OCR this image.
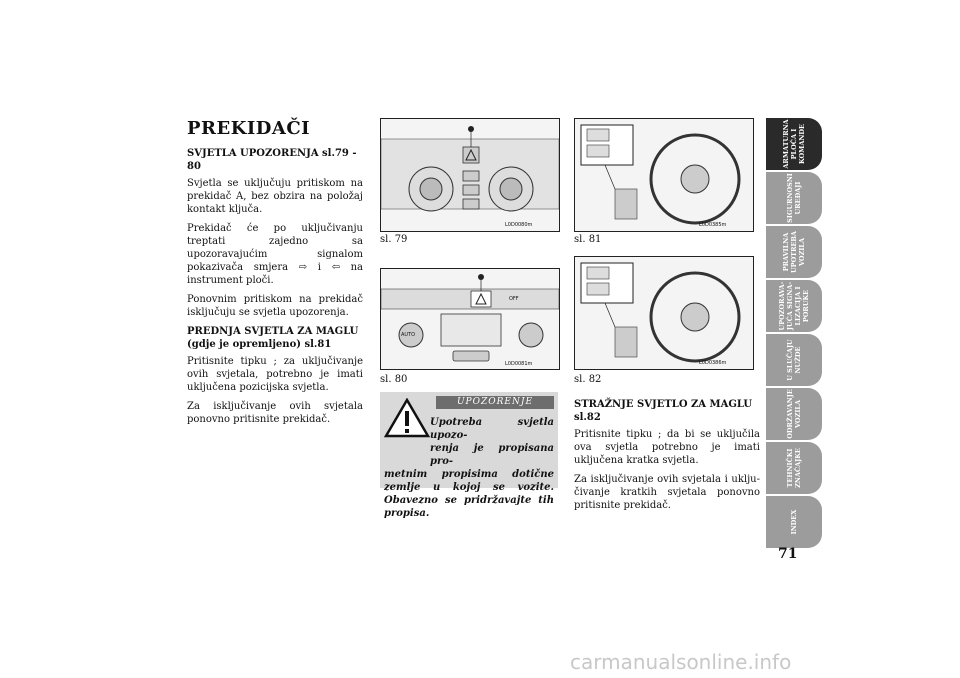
PREKIDAČI
SVJETLA UPOZORENJA sl.79 - 80

Svjetla se uključuju pritiskom na prekidač A, bez obzira na položaj kontakt ključa.

Prekidač će po uključivanju treptati zajedno sa upozoravajućim signalom pokazivača smjera ⇨ i ⇦ na instrument ploči.

Ponovnim pritiskom na prekidač isključuju se svjetla upozorenja.

PREDNJA SVJETLA ZA MAGLU (gdje je opremljeno) sl.81

Pritisnite tipku ; za uključivanje ovih svjetala, potrebno je imati uključena pozicijska svjetla.

Za isključivanje ovih svjetala ponovno pritisnite prekidač.

L0D0080m
sl. 79
OFF
AUTO
L0D0081m
sl. 80
L0D0385m
sl. 81
L0D0386m
sl. 82
UPOZORENJE
Upotreba svjetla upozo-
renja je propisana pro-
metnim propisima dotične zemlje u kojoj se vozite. Obavezno se pridržavajte tih propisa.
STRAŽNJE SVJETLO ZA MAGLU sl.82

Pritisnite tipku ; da bi se uključila ova svjetla potrebno je imati uključena kratka svjetla.

Za isključivanje ovih svjetala i uklju-čivanje kratkih svjetala ponovno pritisnite prekidač.

ARMATURNA PLOČA I KOMANDE
SIGURNOSNI UREĐAJI
PRAVILNA UPOTREBA VOZILA
UPOZORAVA-JUĆA SIGNA-LIZACIJA I PORUKE
U SLUČAJU NUŽDE
ODRŽAVANJE VOZILA
TEHNIČKI ZNAČAJKE
INDEX
71
carmanualsonline.info
